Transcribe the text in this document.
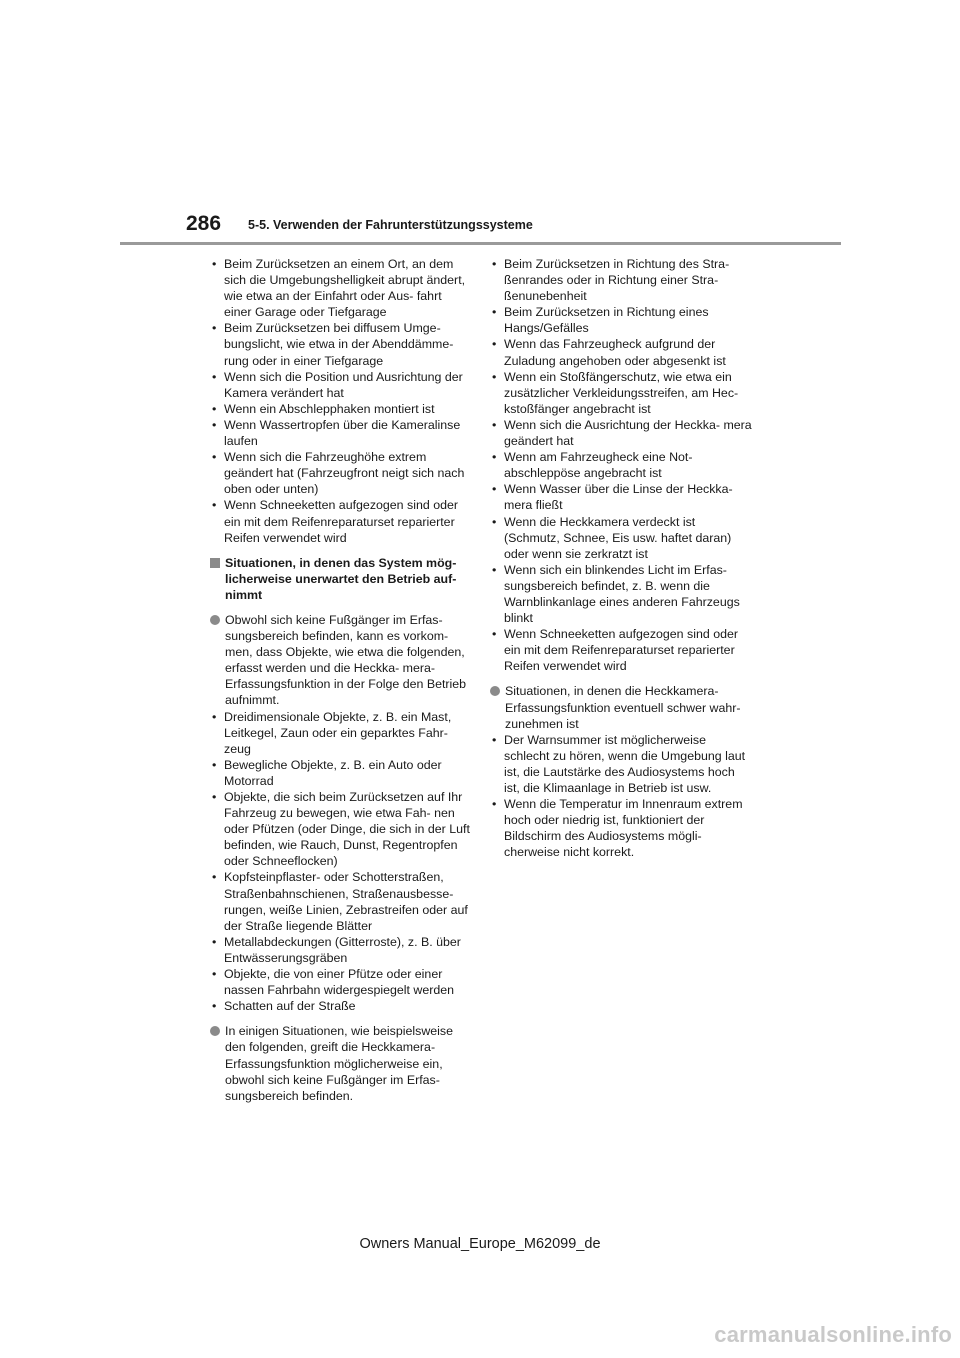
286 5-5. Verwenden der Fahrunterstützungssysteme
• Beim Zurücksetzen an einem Ort, an dem sich die Umgebungshelligkeit abrupt ändert, wie etwa an der Einfahrt oder Aus- fahrt einer Garage oder Tiefgarage
• Beim Zurücksetzen bei diffusem Umge- bungslicht, wie etwa in der Abenddämme- rung oder in einer Tiefgarage
• Wenn sich die Position und Ausrichtung der Kamera verändert hat
• Wenn ein Abschlepphaken montiert ist
• Wenn Wassertropfen über die Kameralinse laufen
• Wenn sich die Fahrzeughöhe extrem geändert hat (Fahrzeugfront neigt sich nach oben oder unten)
• Wenn Schneeketten aufgezogen sind oder ein mit dem Reifenreparaturset reparierter Reifen verwendet wird
Situationen, in denen das System mög- licherweise unerwartet den Betrieb auf- nimmt
Obwohl sich keine Fußgänger im Erfas- sungsbereich befinden, kann es vorkom- men, dass Objekte, wie etwa die folgenden, erfasst werden und die Heckka- mera-Erfassungsfunktion in der Folge den Betrieb aufnimmt.
• Dreidimensionale Objekte, z. B. ein Mast, Leitkegel, Zaun oder ein geparktes Fahr- zeug
• Bewegliche Objekte, z. B. ein Auto oder Motorrad
• Objekte, die sich beim Zurücksetzen auf Ihr Fahrzeug zu bewegen, wie etwa Fah- nen oder Pfützen (oder Dinge, die sich in der Luft befinden, wie Rauch, Dunst, Regentropfen oder Schneeflocken)
• Kopfsteinpflaster- oder Schotterstraßen, Straßenbahnschienen, Straßenausbesse- rungen, weiße Linien, Zebrastreifen oder auf der Straße liegende Blätter
• Metallabdeckungen (Gitterroste), z. B. über Entwässerungsgräben
• Objekte, die von einer Pfütze oder einer nassen Fahrbahn widergespiegelt werden
• Schatten auf der Straße
In einigen Situationen, wie beispielsweise den folgenden, greift die Heckkamera- Erfassungsfunktion möglicherweise ein, obwohl sich keine Fußgänger im Erfas- sungsbereich befinden.
• Beim Zurücksetzen in Richtung des Stra- ßenrandes oder in Richtung einer Stra- ßenunebenheit
• Beim Zurücksetzen in Richtung eines Hangs/Gefälles
• Wenn das Fahrzeugheck aufgrund der Zuladung angehoben oder abgesenkt ist
• Wenn ein Stoßfängerschutz, wie etwa ein zusätzlicher Verkleidungsstreifen, am Hec- kstoßfänger angebracht ist
• Wenn sich die Ausrichtung der Heckka- mera geändert hat
• Wenn am Fahrzeugheck eine Not- abschleppöse angebracht ist
• Wenn Wasser über die Linse der Heckka- mera fließt
• Wenn die Heckkamera verdeckt ist (Schmutz, Schnee, Eis usw. haftet daran) oder wenn sie zerkratzt ist
• Wenn sich ein blinkendes Licht im Erfas- sungsbereich befindet, z. B. wenn die Warnblinkanlage eines anderen Fahrzeugs blinkt
• Wenn Schneeketten aufgezogen sind oder ein mit dem Reifenreparaturset reparierter Reifen verwendet wird
Situationen, in denen die Heckkamera- Erfassungsfunktion eventuell schwer wahr- zunehmen ist
• Der Warnsummer ist möglicherweise schlecht zu hören, wenn die Umgebung laut ist, die Lautstärke des Audiosystems hoch ist, die Klimaanlage in Betrieb ist usw.
• Wenn die Temperatur im Innenraum extrem hoch oder niedrig ist, funktioniert der Bildschirm des Audiosystems mögli- cherweise nicht korrekt.
Owners Manual_Europe_M62099_de
carmanualsonline.info
